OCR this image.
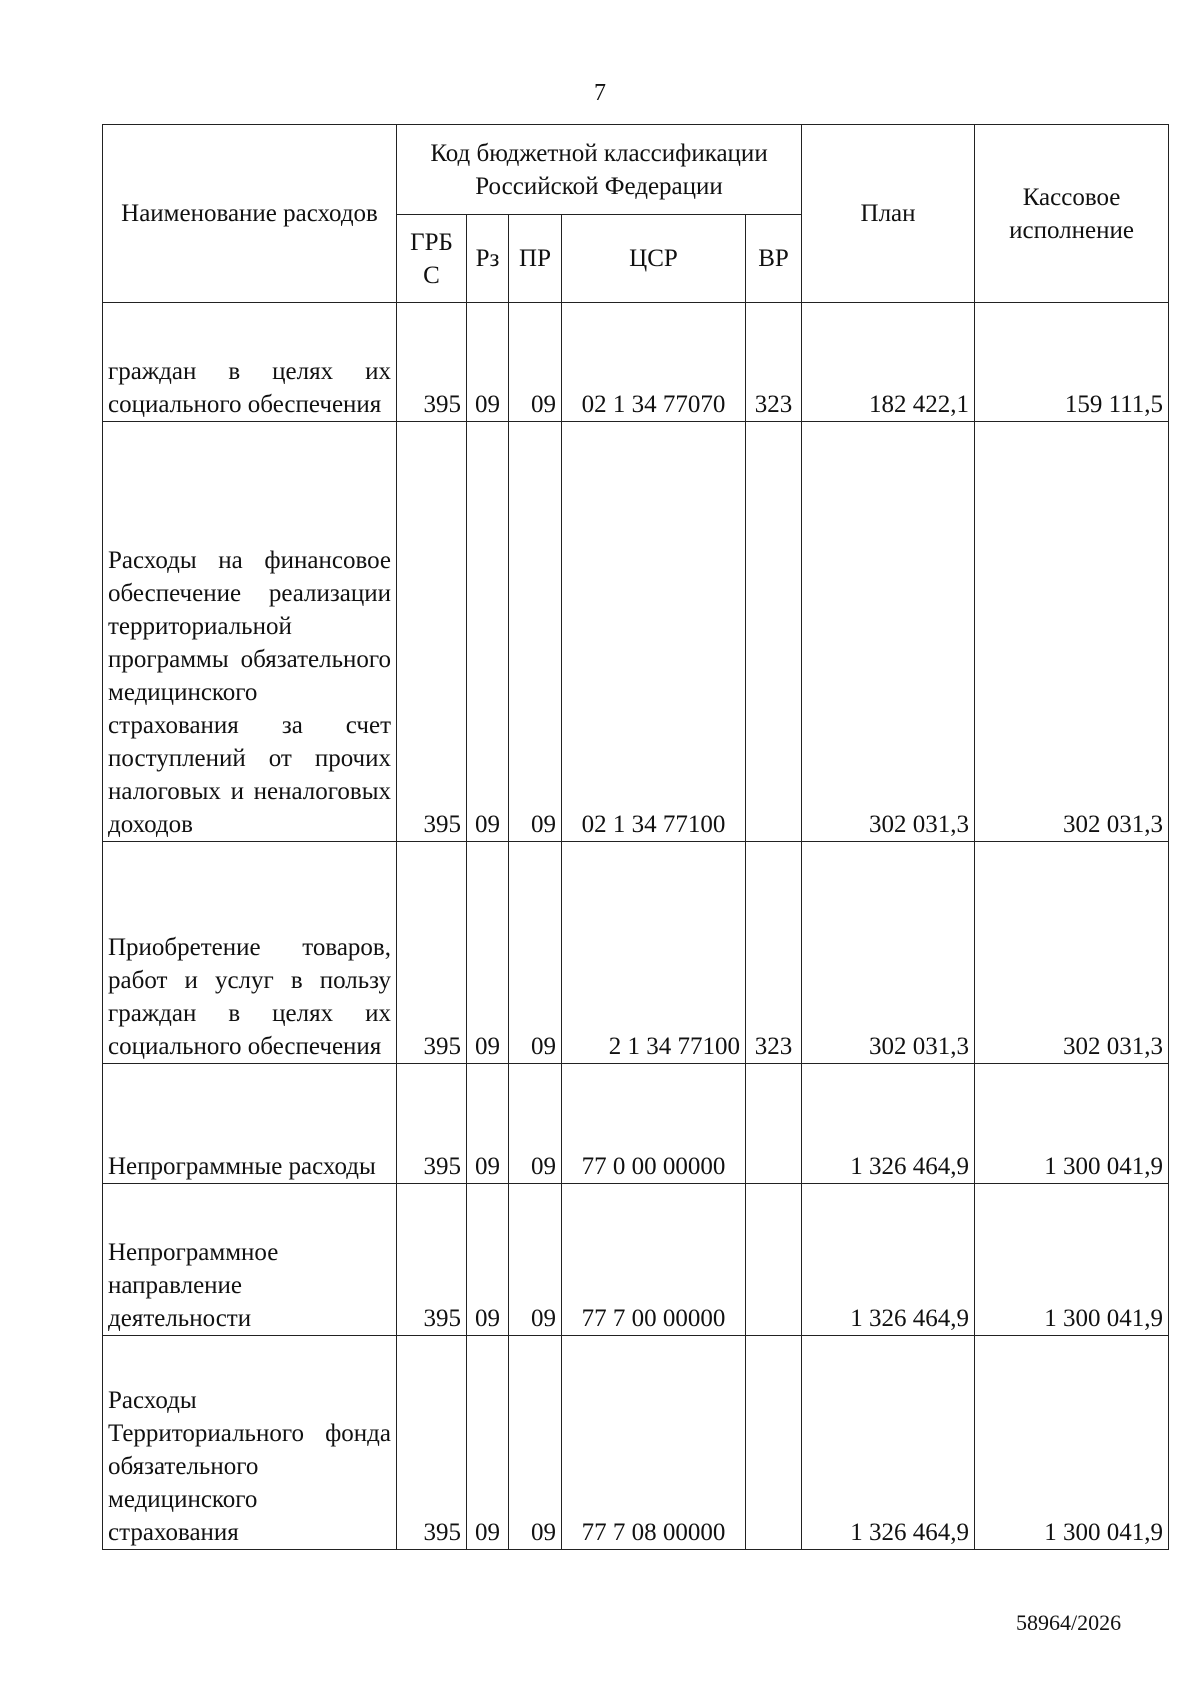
7
Наименование расходов	Код бюджетной классификации Российской Федерации					План	Кассовое исполнение
	ГРБ С	Рз	ПР	ЦСР	ВР		
граждан в целях их социального обеспечения	395	09	09	02 1 34 77070	323	182 422,1	159 111,5
Расходы на финансовое обеспечение реализации территориальной программы обязательного медицинского страхования за счет поступлений от прочих налоговых и неналоговых доходов	395	09	09	02 1 34 77100		302 031,3	302 031,3
Приобретение товаров, работ и услуг в пользу граждан в целях их социального обеспечения	395	09	09	2 1 34 77100	323	302 031,3	302 031,3
Непрограммные расходы	395	09	09	77 0 00 00000		1 326 464,9	1 300 041,9
Непрограммное направление деятельности	395	09	09	77 7 00 00000		1 326 464,9	1 300 041,9
Расходы Территориального фонда обязательного медицинского страхования	395	09	09	77 7 08 00000		1 326 464,9	1 300 041,9
58964/2026
